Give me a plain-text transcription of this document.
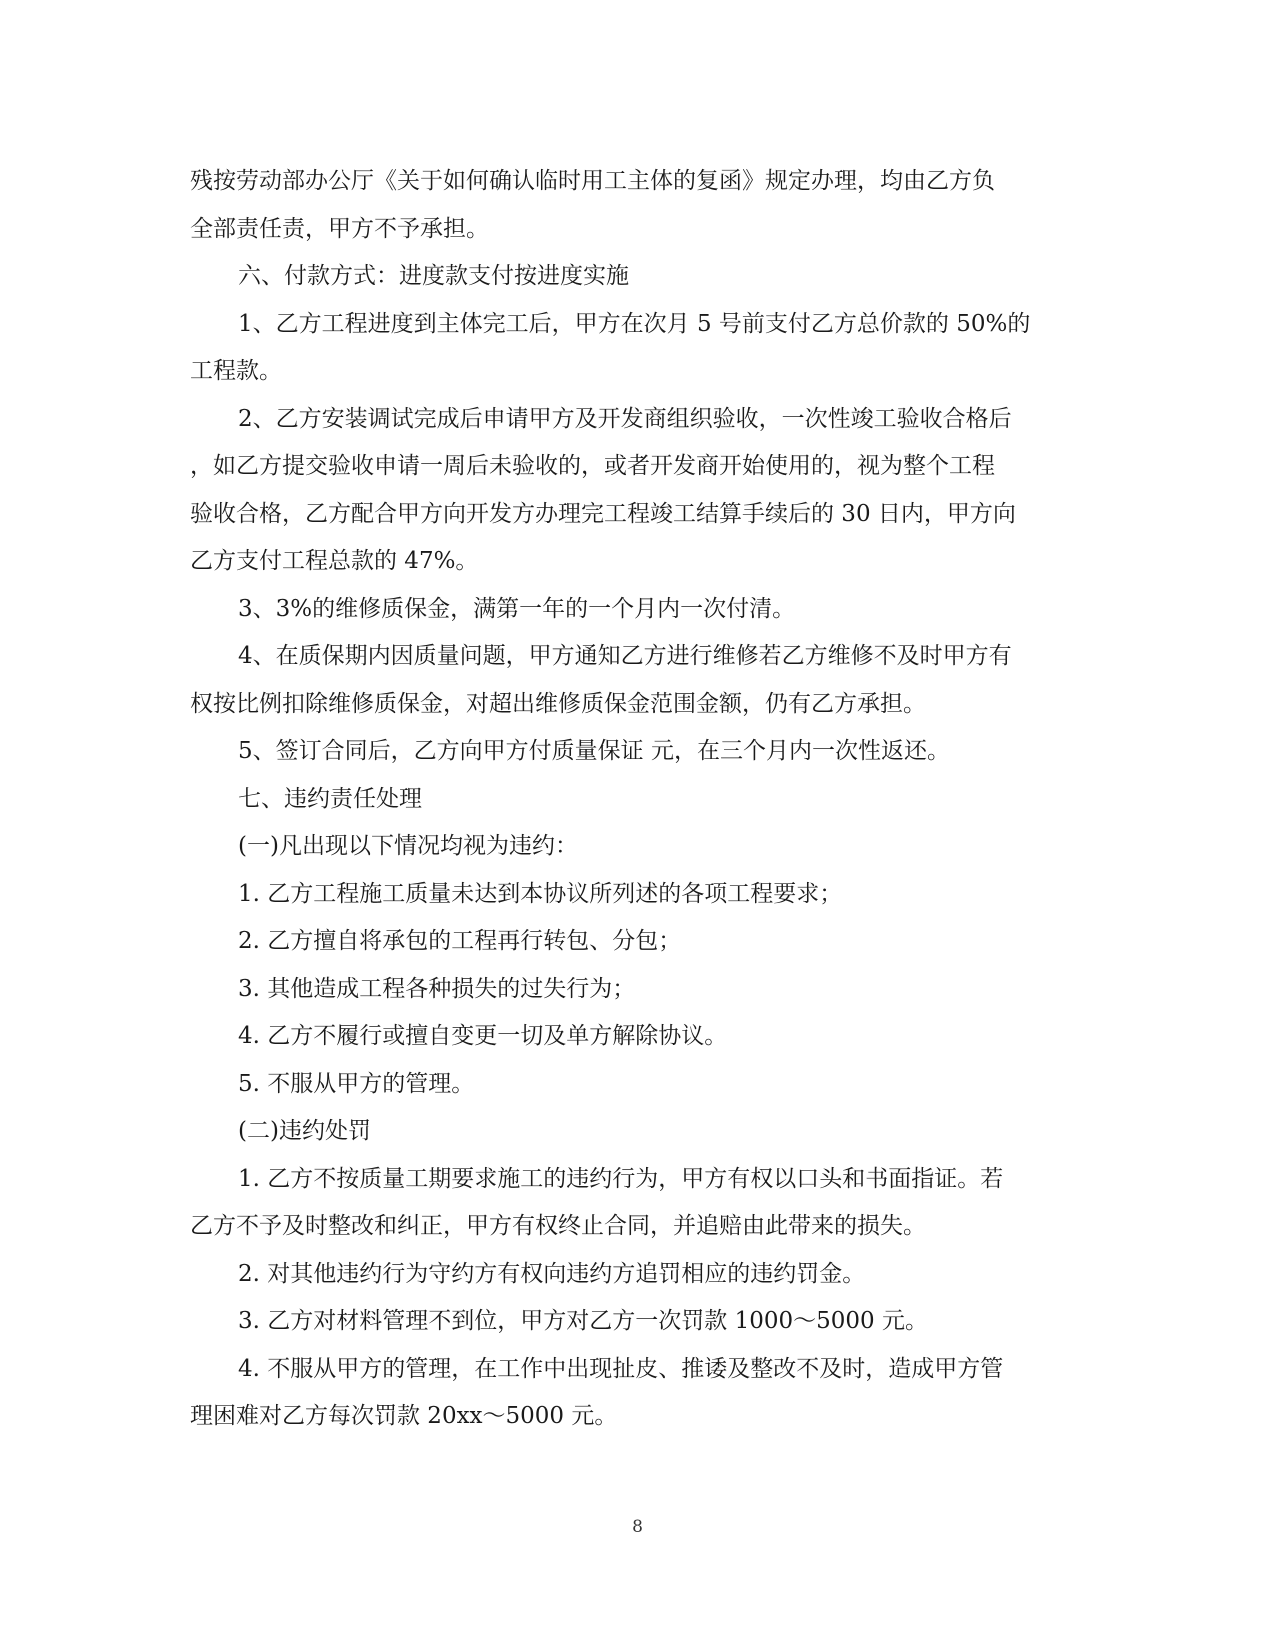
残按劳动部办公厅《关于如何确认临时用工主体的复函》规定办理，均由乙方负

全部责任责，甲方不予承担。

六、付款方式：进度款支付按进度实施

1、乙方工程进度到主体完工后，甲方在次月 5 号前支付乙方总价款的 50%的

工程款。

2、乙方安装调试完成后申请甲方及开发商组织验收，一次性竣工验收合格后

，如乙方提交验收申请一周后未验收的，或者开发商开始使用的，视为整个工程

验收合格，乙方配合甲方向开发方办理完工程竣工结算手续后的 30 日内，甲方向

乙方支付工程总款的 47%。

3、3%的维修质保金，满第一年的一个月内一次付清。

4、在质保期内因质量问题，甲方通知乙方进行维修若乙方维修不及时甲方有

权按比例扣除维修质保金，对超出维修质保金范围金额，仍有乙方承担。

5、签订合同后，乙方向甲方付质量保证 元，在三个月内一次性返还。

七、违约责任处理

(一)凡出现以下情况均视为违约：

1. 乙方工程施工质量未达到本协议所列述的各项工程要求；

2. 乙方擅自将承包的工程再行转包、分包；

3. 其他造成工程各种损失的过失行为；

4. 乙方不履行或擅自变更一切及单方解除协议。

5. 不服从甲方的管理。

(二)违约处罚

1. 乙方不按质量工期要求施工的违约行为，甲方有权以口头和书面指证。若

乙方不予及时整改和纠正，甲方有权终止合同，并追赔由此带来的损失。

2. 对其他违约行为守约方有权向违约方追罚相应的违约罚金。

3. 乙方对材料管理不到位，甲方对乙方一次罚款 1000～5000 元。

4. 不服从甲方的管理，在工作中出现扯皮、推诿及整改不及时，造成甲方管

理困难对乙方每次罚款 20xx～5000 元。

8
